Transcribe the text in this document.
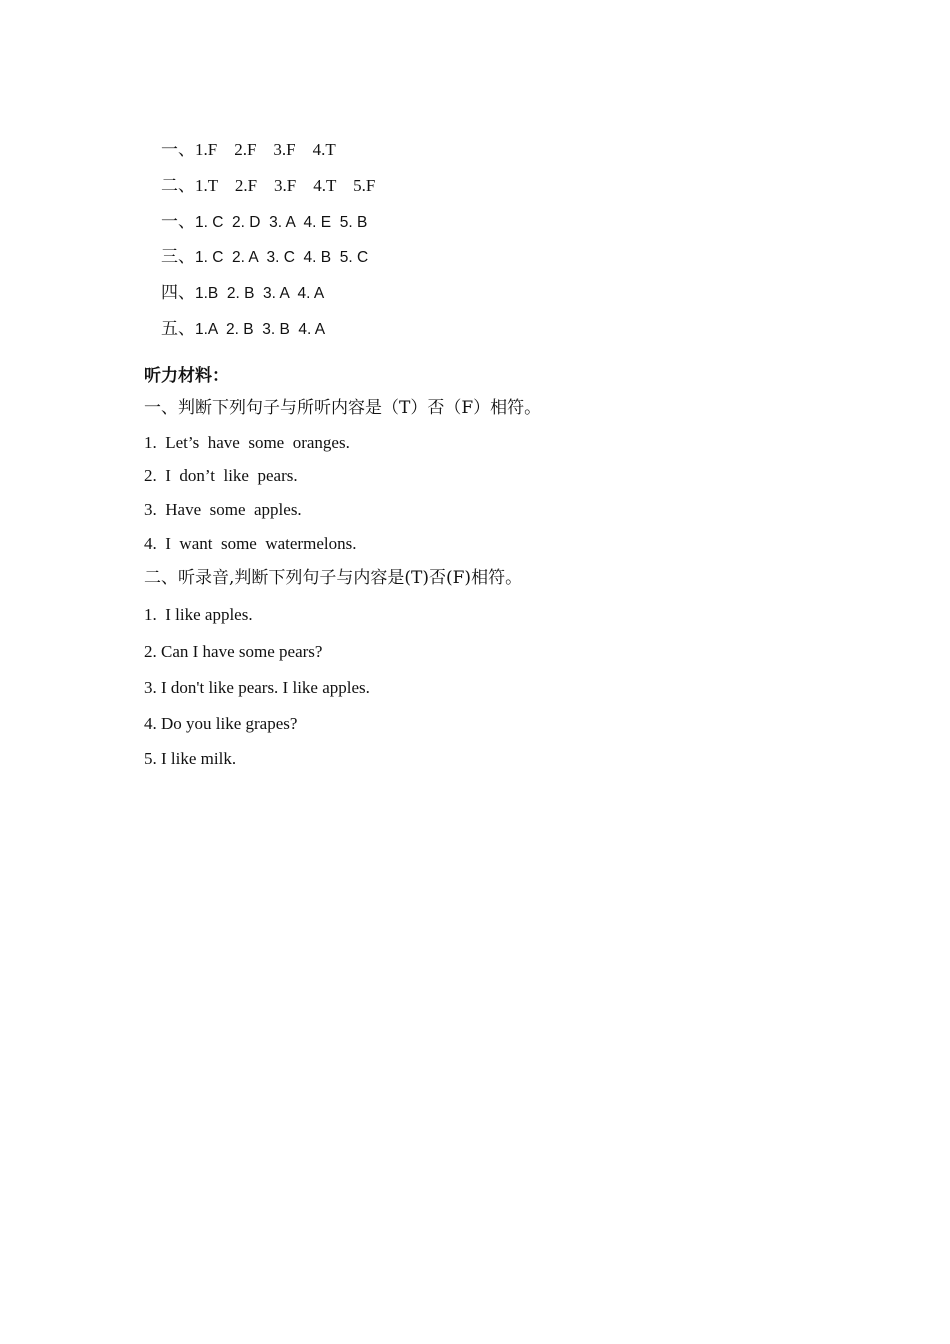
一、1.F    2.F    3.F    4.T

二、1.T    2.F    3.F    4.T    5.F

一、1. C  2. D  3. A  4. E  5. B

三、1. C  2. A  3. C  4. B  5. C

四、1.B  2. B  3. A  4. A

五、1.A  2. B  3. B  4. A

听力材料：
一、判断下列句子与所听内容是（T）否（F）相符。
1.  Let’s  have  some  oranges.
2.  I  don’t  like  pears.
3.  Have  some  apples.
4.  I  want  some  watermelons.
二、听录音,判断下列句子与内容是(T)否(F)相符。
1.  I like apples.
2. Can I have some pears?
3. I don't like pears. I like apples.
4. Do you like grapes?
5. I like milk.
